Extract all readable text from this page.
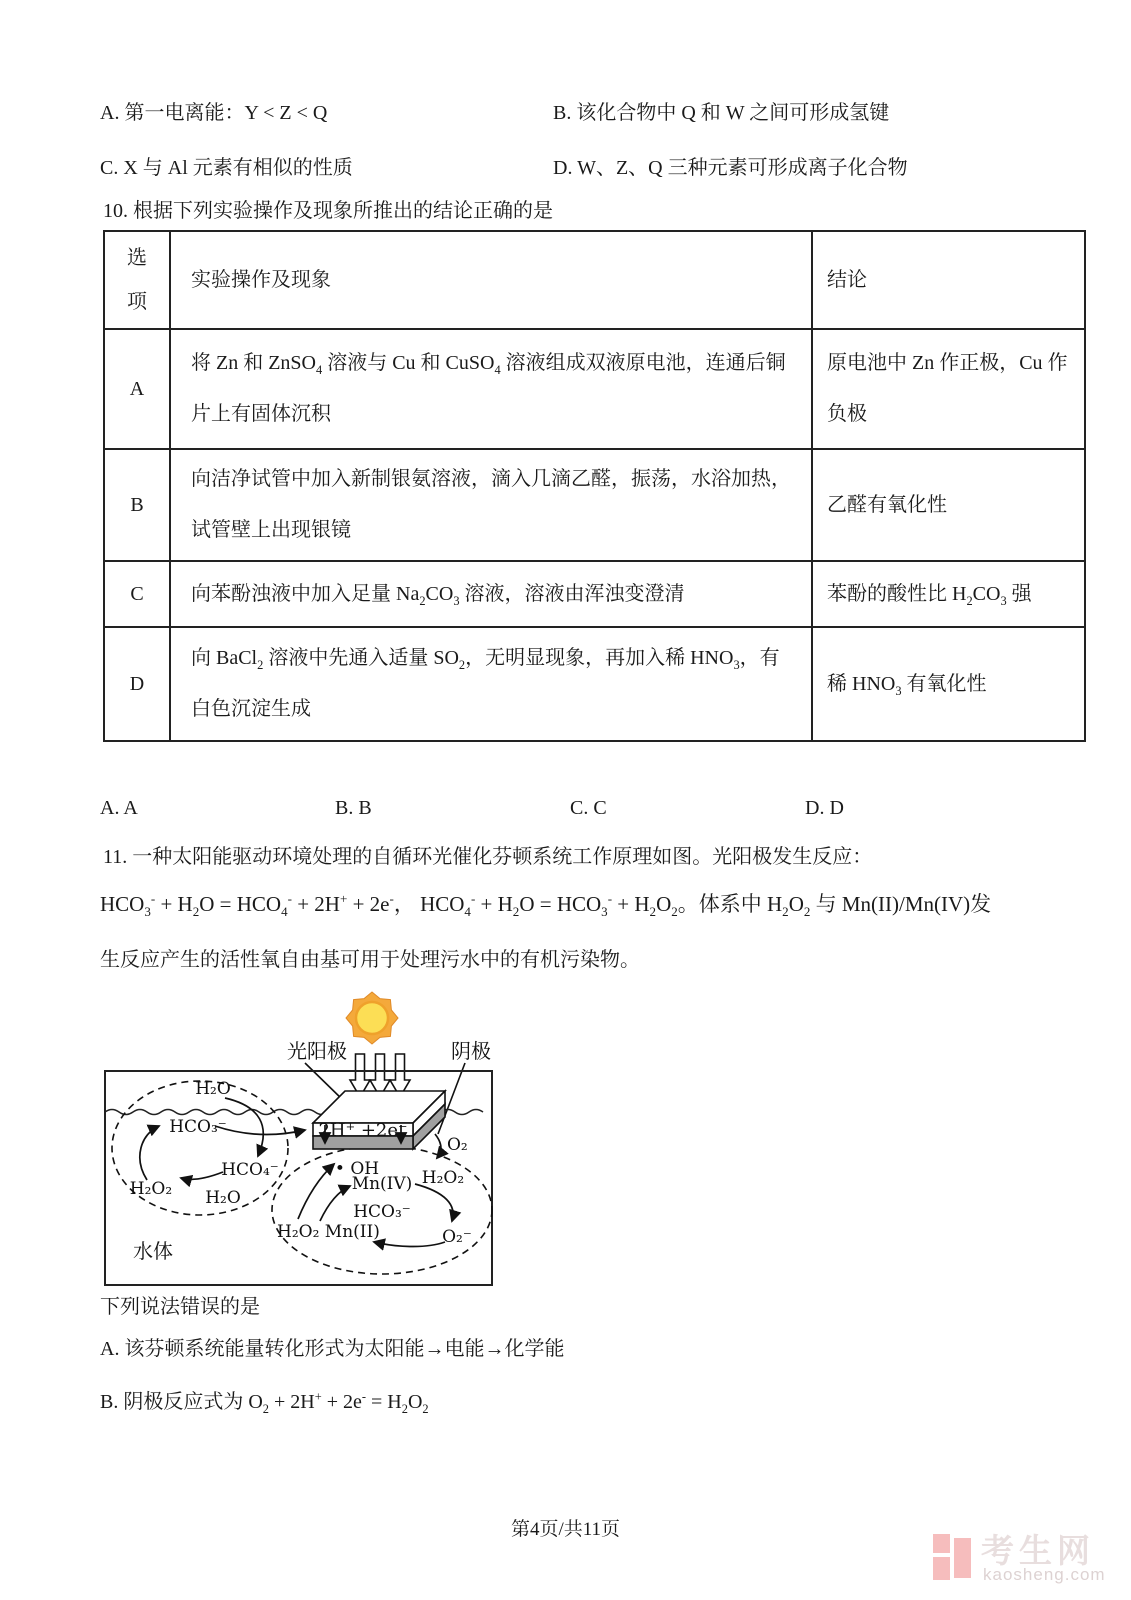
A. 第一电离能：Y < Z < Q	B. 该化合物中 Q 和 W 之间可形成氢键
C. X 与 Al 元素有相似的性质	D. W、Z、Q 三种元素可形成离子化合物
10. 根据下列实验操作及现象所推出的结论正确的是
选项	实验操作及现象	结论
A	将 Zn 和 ZnSO$_4$ 溶液与 Cu 和 CuSO$_4$ 溶液组成双液原电池，连通后铜片上有固体沉积	原电池中 Zn 作正极，Cu 作负极
B	向洁净试管中加入新制银氨溶液，滴入几滴乙醛，振荡，水浴加热，试管壁上出现银镜	乙醛有氧化性
C	向苯酚浊液中加入足量 $Na_2CO_3$ 溶液，溶液由浑浊变澄清	苯酚的酸性比 $H_2CO_3$ 强
D	向 BaCl$_2$ 溶液中先通入适量 $SO_2$，无明显现象，再加入稀 $HNO_3$，有白色沉淀生成	稀 $HNO_3$ 有氧化性
A. A	B. B	C. C	D. D
11. 一种太阳能驱动环境处理的自循环光催化芬顿系统工作原理如图。光阳极发生反应：
$HCO_3^- + H_2O = HCO_4^- + 2H^+ + 2e^-$， $HCO_4^- + H_2O = HCO_3^- + H_2O_2$。体系中 $H_2O_2$ 与 Mn(II)/Mn(IV)发
生反应产生的活性氧自由基可用于处理污水中的有机污染物。
光阳极	阴极
2H⁺ +2e⁻
H₂O
HCO₃⁻
HCO₄⁻
H₂O₂ H₂O
水体
• OH
Mn(IV) H₂O₂
HCO₃⁻
H₂O₂ Mn(II)	O₂⁻
O₂
下列说法错误的是
A. 该芬顿系统能量转化形式为太阳能→电能→化学能
B. 阴极反应式为 $O_2 + 2H^+ + 2e^- = H_2O_2$
第4页/共11页
考生网
kaosheng.com
